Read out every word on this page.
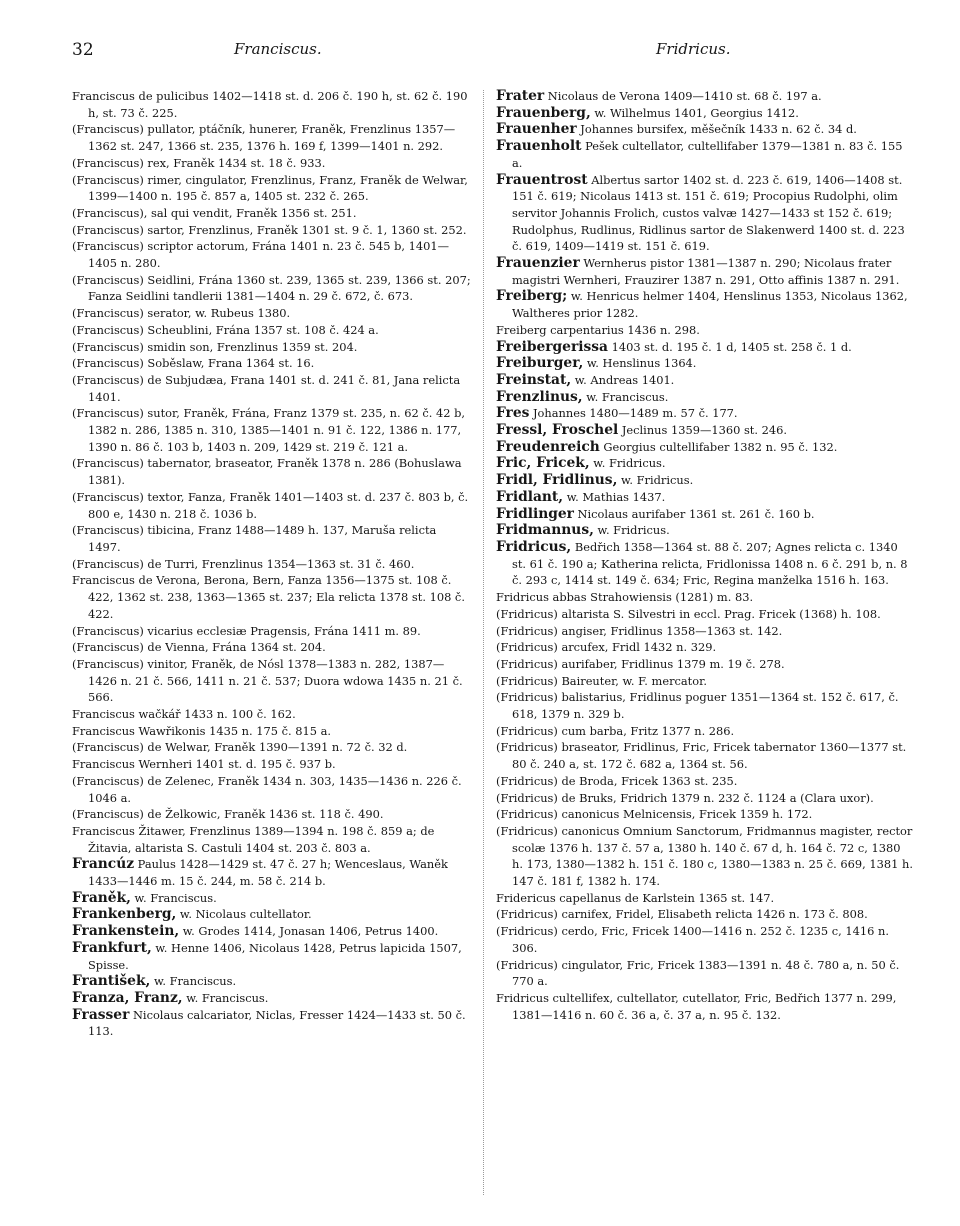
32	Franciscus.	Fridricus.

Franciscus de pulicibus 1402—1418 st. d. 206 č. 190 h, st. 62 č. 190 h, st. 73 č. 225.

(Franciscus) pullator, ptáčník, hunerer, Franěk, Frenzlinus 1357—1362 st. 247, 1366 st. 235, 1376 h. 169 f, 1399—1401 n. 292.

(Franciscus) rex, Franěk 1434 st. 18 č. 933.

(Franciscus) rimer, cingulator, Frenzlinus, Franz, Franěk de Welwar, 1399—1400 n. 195 č. 857 a, 1405 st. 232 č. 265.

(Franciscus), sal qui vendit, Franěk 1356 st. 251.

(Franciscus) sartor, Frenzlinus, Franěk 1301 st. 9 č. 1, 1360 st. 252.

(Franciscus) scriptor actorum, Frána 1401 n. 23 č. 545 b, 1401—1405 n. 280.

(Franciscus) Seidlini, Frána 1360 st. 239, 1365 st. 239, 1366 st. 207; Fanza Seidlini tandlerii 1381—1404 n. 29 č. 672, č. 673.

(Franciscus) serator, w. Rubeus 1380.

(Franciscus) Scheublini, Frána 1357 st. 108 č. 424 a.

(Franciscus) smidin son, Frenzlinus 1359 st. 204.

(Franciscus) Soběslaw, Frana 1364 st. 16.

(Franciscus) de Subjudæa, Frana 1401 st. d. 241 č. 81, Jana relicta 1401.

(Franciscus) sutor, Franěk, Frána, Franz 1379 st. 235, n. 62 č. 42 b, 1382 n. 286, 1385 n. 310, 1385—1401 n. 91 č. 122, 1386 n. 177, 1390 n. 86 č. 103 b, 1403 n. 209, 1429 st. 219 č. 121 a.

(Franciscus) tabernator, braseator, Franěk 1378 n. 286 (Bohuslawa 1381).

(Franciscus) textor, Fanza, Franěk 1401—1403 st. d. 237 č. 803 b, č. 800 e, 1430 n. 218 č. 1036 b.

(Franciscus) tibicina, Franz 1488—1489 h. 137, Maruša relicta 1497.

(Franciscus) de Turri, Frenzlinus 1354—1363 st. 31 č. 460.

Franciscus de Verona, Berona, Bern, Fanza 1356—1375 st. 108 č. 422, 1362 st. 238, 1363—1365 st. 237; Ela relicta 1378 st. 108 č. 422.

(Franciscus) vicarius ecclesiæ Pragensis, Frána 1411 m. 89.

(Franciscus) de Vienna, Frána 1364 st. 204.

(Franciscus) vinitor, Franěk, de Nósl 1378—1383 n. 282, 1387—1426 n. 21 č. 566, 1411 n. 21 č. 537; Duora wdowa 1435 n. 21 č. 566.

Franciscus wačkář 1433 n. 100 č. 162.

Franciscus Wawřikonis 1435 n. 175 č. 815 a.

(Franciscus) de Welwar, Franěk 1390—1391 n. 72 č. 32 d.

Franciscus Wernheri 1401 st. d. 195 č. 937 b.

(Franciscus) de Zelenec, Franěk 1434 n. 303, 1435—1436 n. 226 č. 1046 a.

(Franciscus) de Želkowic, Franěk 1436 st. 118 č. 490.

Franciscus Žitawer, Frenzlinus 1389—1394 n. 198 č. 859 a; de Žitavia, altarista S. Castuli 1404 st. 203 č. 803 a.

Francúz Paulus 1428—1429 st. 47 č. 27 h; Wenceslaus, Waněk 1433—1446 m. 15 č. 244, m. 58 č. 214 b.

Franěk, w. Franciscus.

Frankenberg, w. Nicolaus cultellator.

Frankenstein, w. Grodes 1414, Jonasan 1406, Petrus 1400.

Frankfurt, w. Henne 1406, Nicolaus 1428, Petrus lapicida 1507, Spisse.

František, w. Franciscus.

Franza, Franz, w. Franciscus.

Frasser Nicolaus calcariator, Niclas, Fresser 1424—1433 st. 50 č. 113.

Frater Nicolaus de Verona 1409—1410 st. 68 č. 197 a.

Frauenberg, w. Wilhelmus 1401, Georgius 1412.

Frauenher Johannes bursifex, měšečník 1433 n. 62 č. 34 d.

Frauenholt Pešek cultellator, cultellifaber 1379—1381 n. 83 č. 155 a.

Frauentrost Albertus sartor 1402 st. d. 223 č. 619, 1406—1408 st. 151 č. 619; Nicolaus 1413 st. 151 č. 619; Procopius Rudolphi, olim servitor Johannis Frolich, custos valvæ 1427—1433 st 152 č. 619; Rudolphus, Rudlinus, Ridlinus sartor de Slakenwerd 1400 st. d. 223 č. 619, 1409—1419 st. 151 č. 619.

Frauenzier Wernherus pistor 1381—1387 n. 290; Nicolaus frater magistri Wernheri, Frauzirer 1387 n. 291, Otto affinis 1387 n. 291.

Freiberg; w. Henricus helmer 1404, Henslinus 1353, Nicolaus 1362, Waltheres prior 1282.

Freiberg carpentarius 1436 n. 298.

Freibergerissa 1403 st. d. 195 č. 1 d, 1405 st. 258 č. 1 d.

Freiburger, w. Henslinus 1364.

Freinstat, w. Andreas 1401.

Frenzlinus, w. Franciscus.

Fres Johannes 1480—1489 m. 57 č. 177.

Fressl, Froschel Jeclinus 1359—1360 st. 246.

Freudenreich Georgius cultellifaber 1382 n. 95 č. 132.

Fric, Fricek, w. Fridricus.

Fridl, Fridlinus, w. Fridricus.

Fridlant, w. Mathias 1437.

Fridlinger Nicolaus aurifaber 1361 st. 261 č. 160 b.

Fridmannus, w. Fridricus.

Fridricus, Bedřich 1358—1364 st. 88 č. 207; Agnes relicta c. 1340 st. 61 č. 190 a; Katherina relicta, Fridlonissa 1408 n. 6 č. 291 b, n. 8 č. 293 c, 1414 st. 149 č. 634; Fric, Regina manželka 1516 h. 163.

Fridricus abbas Strahowiensis (1281) m. 83.

(Fridricus) altarista S. Silvestri in eccl. Prag. Fricek (1368) h. 108.

(Fridricus) angiser, Fridlinus 1358—1363 st. 142.

(Fridricus) arcufex, Fridl 1432 n. 329.

(Fridricus) aurifaber, Fridlinus 1379 m. 19 č. 278.

(Fridricus) Baireuter, w. F. mercator.

(Fridricus) balistarius, Fridlinus poguer 1351—1364 st. 152 č. 617, č. 618, 1379 n. 329 b.

(Fridricus) cum barba, Fritz 1377 n. 286.

(Fridricus) braseator, Fridlinus, Fric, Fricek tabernator 1360—1377 st. 80 č. 240 a, st. 172 č. 682 a, 1364 st. 56.

(Fridricus) de Broda, Fricek 1363 st. 235.

(Fridricus) de Bruks, Fridrich 1379 n. 232 č. 1124 a (Clara uxor).

(Fridricus) canonicus Melnicensis, Fricek 1359 h. 172.

(Fridricus) canonicus Omnium Sanctorum, Fridmannus magister, rector scolæ 1376 h. 137 č. 57 a, 1380 h. 140 č. 67 d, h. 164 č. 72 c, 1380 h. 173, 1380—1382 h. 151 č. 180 c, 1380—1383 n. 25 č. 669, 1381 h. 147 č. 181 f, 1382 h. 174.

Fridericus capellanus de Karlstein 1365 st. 147.

(Fridricus) carnifex, Fridel, Elisabeth relicta 1426 n. 173 č. 808.

(Fridricus) cerdo, Fric, Fricek 1400—1416 n. 252 č. 1235 c, 1416 n. 306.

(Fridricus) cingulator, Fric, Fricek 1383—1391 n. 48 č. 780 a, n. 50 č. 770 a.

Fridricus cultellifex, cultellator, cutellator, Fric, Bedřich 1377 n. 299, 1381—1416 n. 60 č. 36 a, č. 37 a, n. 95 č. 132.
